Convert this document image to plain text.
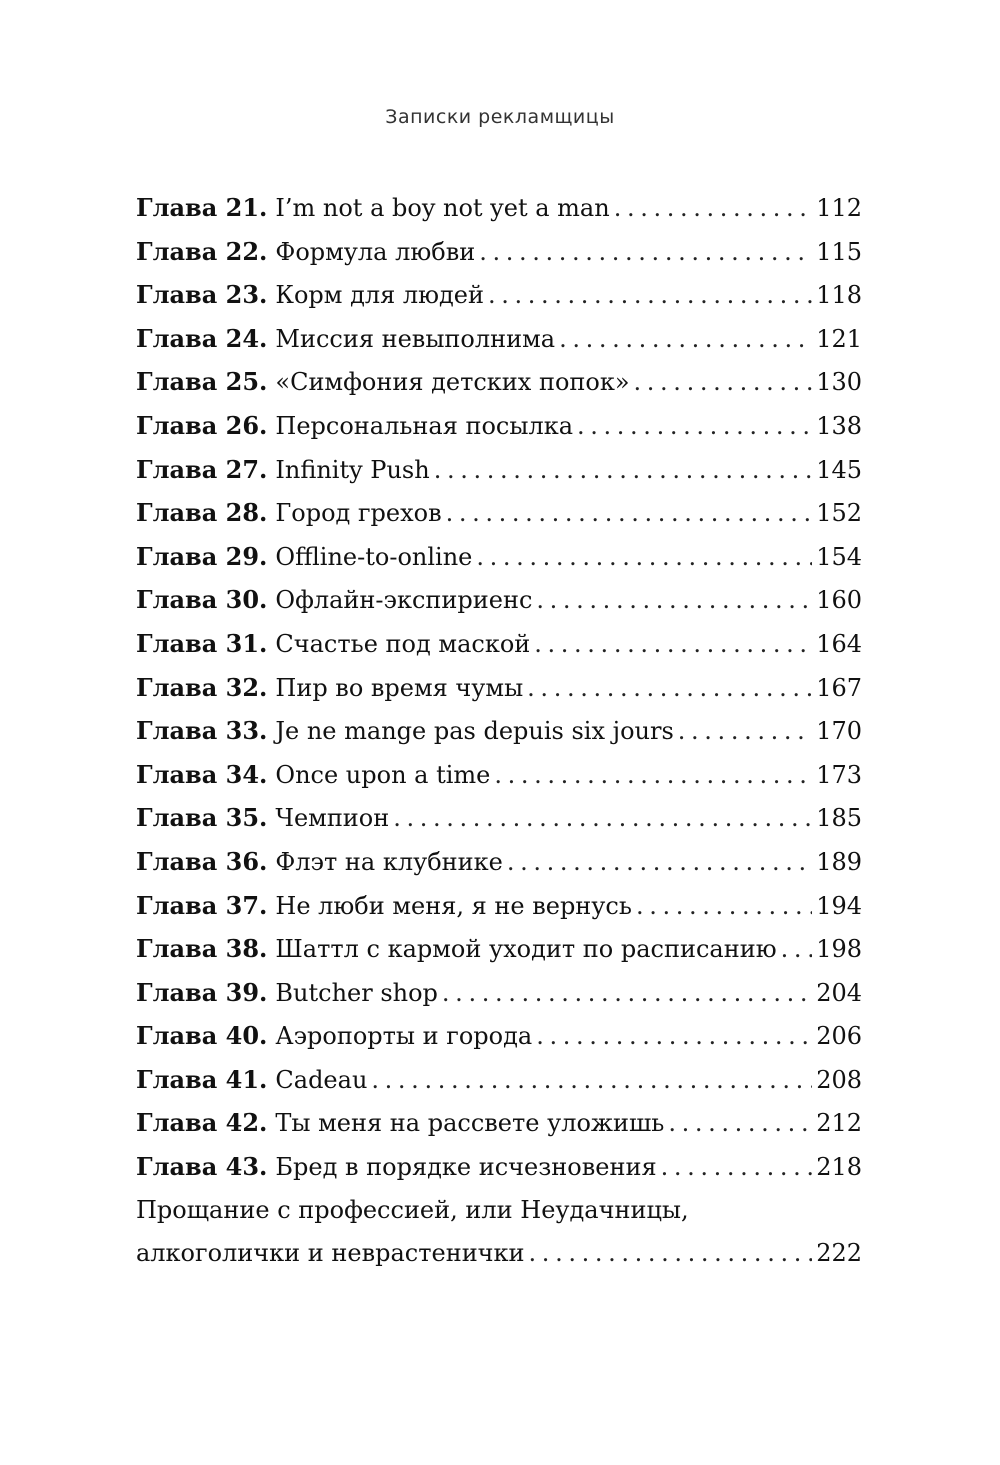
Записки рекламщицы
Глава 21. I’m not a boy not yet a man . . .	112
Глава 22. Формула любви . . .	115
Глава 23. Корм для людей . . .	118
Глава 24. Миссия невыполнима . . .	121
Глава 25. «Симфония детских попок» . . .	130
Глава 26. Персональная посылка . . .	138
Глава 27. Infinity Push . . .	145
Глава 28. Город грехов . . .	152
Глава 29. Offline-to-online . . .	154
Глава 30. Офлайн-экспириенс . . .	160
Глава 31. Счастье под маской . . .	164
Глава 32. Пир во время чумы . . .	167
Глава 33. Je ne mange pas depuis six jours . . .	170
Глава 34. Once upon a time . . .	173
Глава 35. Чемпион . . .	185
Глава 36. Флэт на клубнике . . .	189
Глава 37. Не люби меня, я не вернусь . . .	194
Глава 38. Шаттл с кармой уходит по расписанию . . . 198
Глава 39. Butcher shop . . .	204
Глава 40. Аэропорты и города . . .	206
Глава 41. Cadeau . . .	208
Глава 42. Ты меня на рассвете уложишь . . .	212
Глава 43. Бред в порядке исчезновения . . .	218
Прощание с профессией, или Неудачницы,
алкоголички и неврастенички . . .	222
